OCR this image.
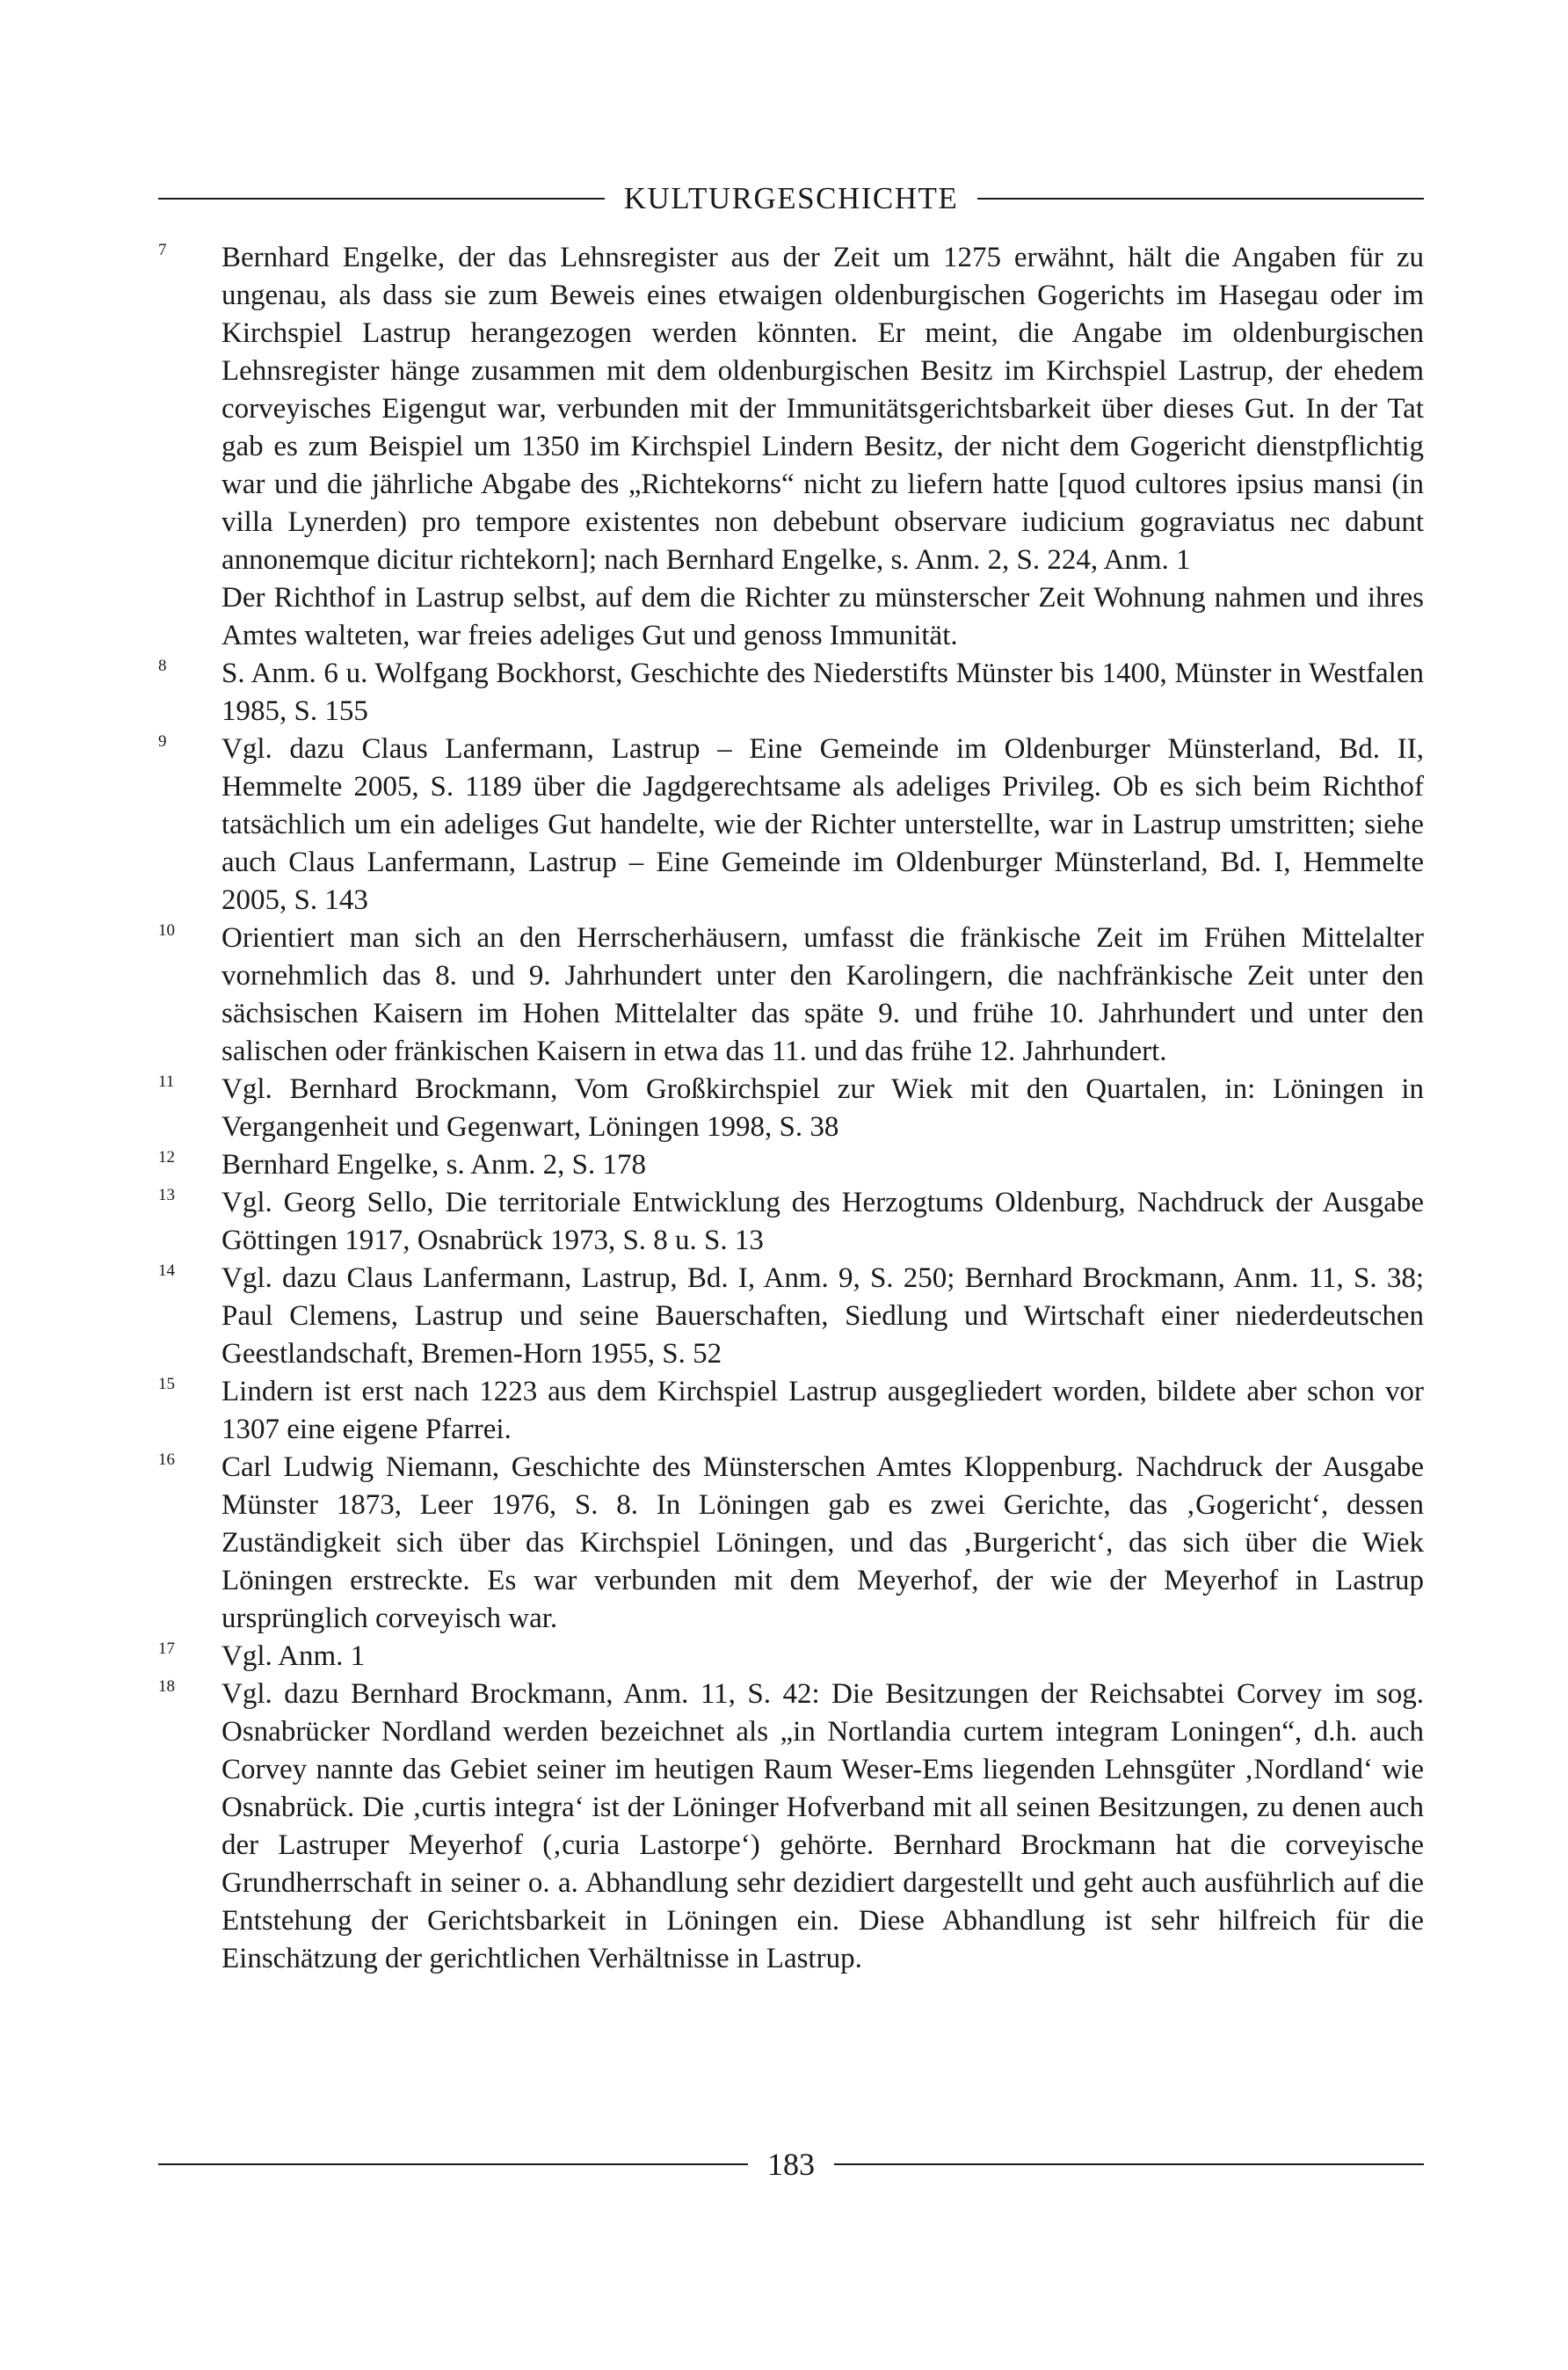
KULTURGESCHICHTE
7 Bernhard Engelke, der das Lehnsregister aus der Zeit um 1275 erwähnt, hält die Angaben für zu ungenau, als dass sie zum Beweis eines etwaigen oldenburgischen Gogerichts im Hasegau oder im Kirchspiel Lastrup herangezogen werden könnten. Er meint, die Angabe im oldenburgischen Lehnsregister hänge zusammen mit dem oldenburgischen Besitz im Kirchspiel Lastrup, der ehedem corveyisches Eigengut war, verbunden mit der Immunitätsgerichtsbarkeit über dieses Gut. In der Tat gab es zum Beispiel um 1350 im Kirchspiel Lindern Besitz, der nicht dem Gogericht dienstpflichtig war und die jährliche Abgabe des „Richtekorns“ nicht zu liefern hatte [quod cultores ipsius mansi (in villa Lynerden) pro tempore existentes non debebunt observare iudicium gograviatus nec dabunt annonemque dicitur richtekorn]; nach Bernhard Engelke, s. Anm. 2, S. 224, Anm. 1
Der Richthof in Lastrup selbst, auf dem die Richter zu münsterscher Zeit Wohnung nahmen und ihres Amtes walteten, war freies adeliges Gut und genoss Immunität.
8 S. Anm. 6 u. Wolfgang Bockhorst, Geschichte des Niederstifts Münster bis 1400, Münster in Westfalen 1985, S. 155
9 Vgl. dazu Claus Lanfermann, Lastrup – Eine Gemeinde im Oldenburger Münsterland, Bd. II, Hemmelte 2005, S. 1189 über die Jagdgerechtsame als adeliges Privileg. Ob es sich beim Richthof tatsächlich um ein adeliges Gut handelte, wie der Richter unterstellte, war in Lastrup umstritten; siehe auch Claus Lanfermann, Lastrup – Eine Gemeinde im Oldenburger Münsterland, Bd. I, Hemmelte 2005, S. 143
10 Orientiert man sich an den Herrscherhäusern, umfasst die fränkische Zeit im Frühen Mittelalter vornehmlich das 8. und 9. Jahrhundert unter den Karolingern, die nachfränkische Zeit unter den sächsischen Kaisern im Hohen Mittelalter das späte 9. und frühe 10. Jahrhundert und unter den salischen oder fränkischen Kaisern in etwa das 11. und das frühe 12. Jahrhundert.
11 Vgl. Bernhard Brockmann, Vom Großkirchspiel zur Wiek mit den Quartalen, in: Löningen in Vergangenheit und Gegenwart, Löningen 1998, S. 38
12 Bernhard Engelke, s. Anm. 2, S. 178
13 Vgl. Georg Sello, Die territoriale Entwicklung des Herzogtums Oldenburg, Nachdruck der Ausgabe Göttingen 1917, Osnabrück 1973, S. 8 u. S. 13
14 Vgl. dazu Claus Lanfermann, Lastrup, Bd. I, Anm. 9, S. 250; Bernhard Brockmann, Anm. 11, S. 38; Paul Clemens, Lastrup und seine Bauerschaften, Siedlung und Wirtschaft einer niederdeutschen Geestlandschaft, Bremen-Horn 1955, S. 52
15 Lindern ist erst nach 1223 aus dem Kirchspiel Lastrup ausgegliedert worden, bildete aber schon vor 1307 eine eigene Pfarrei.
16 Carl Ludwig Niemann, Geschichte des Münsterschen Amtes Kloppenburg. Nachdruck der Ausgabe Münster 1873, Leer 1976, S. 8. In Löningen gab es zwei Gerichte, das ‚Gogericht‘, dessen Zuständigkeit sich über das Kirchspiel Löningen, und das ‚Burgericht‘, das sich über die Wiek Löningen erstreckte. Es war verbunden mit dem Meyerhof, der wie der Meyerhof in Lastrup ursprünglich corveyisch war.
17 Vgl. Anm. 1
18 Vgl. dazu Bernhard Brockmann, Anm. 11, S. 42: Die Besitzungen der Reichsabtei Corvey im sog. Osnabrücker Nordland werden bezeichnet als „in Nortlandia curtem integram Loningen“, d.h. auch Corvey nannte das Gebiet seiner im heutigen Raum Weser-Ems liegenden Lehnsgüter ‚Nordland‘ wie Osnabrück. Die ‚curtis integra‘ ist der Löninger Hofverband mit all seinen Besitzungen, zu denen auch der Lastruper Meyerhof (‚curia Lastorpe‘) gehörte. Bernhard Brockmann hat die corveyische Grundherrschaft in seiner o. a. Abhandlung sehr dezidiert dargestellt und geht auch ausführlich auf die Entstehung der Gerichtsbarkeit in Löningen ein. Diese Abhandlung ist sehr hilfreich für die Einschätzung der gerichtlichen Verhältnisse in Lastrup.
183
